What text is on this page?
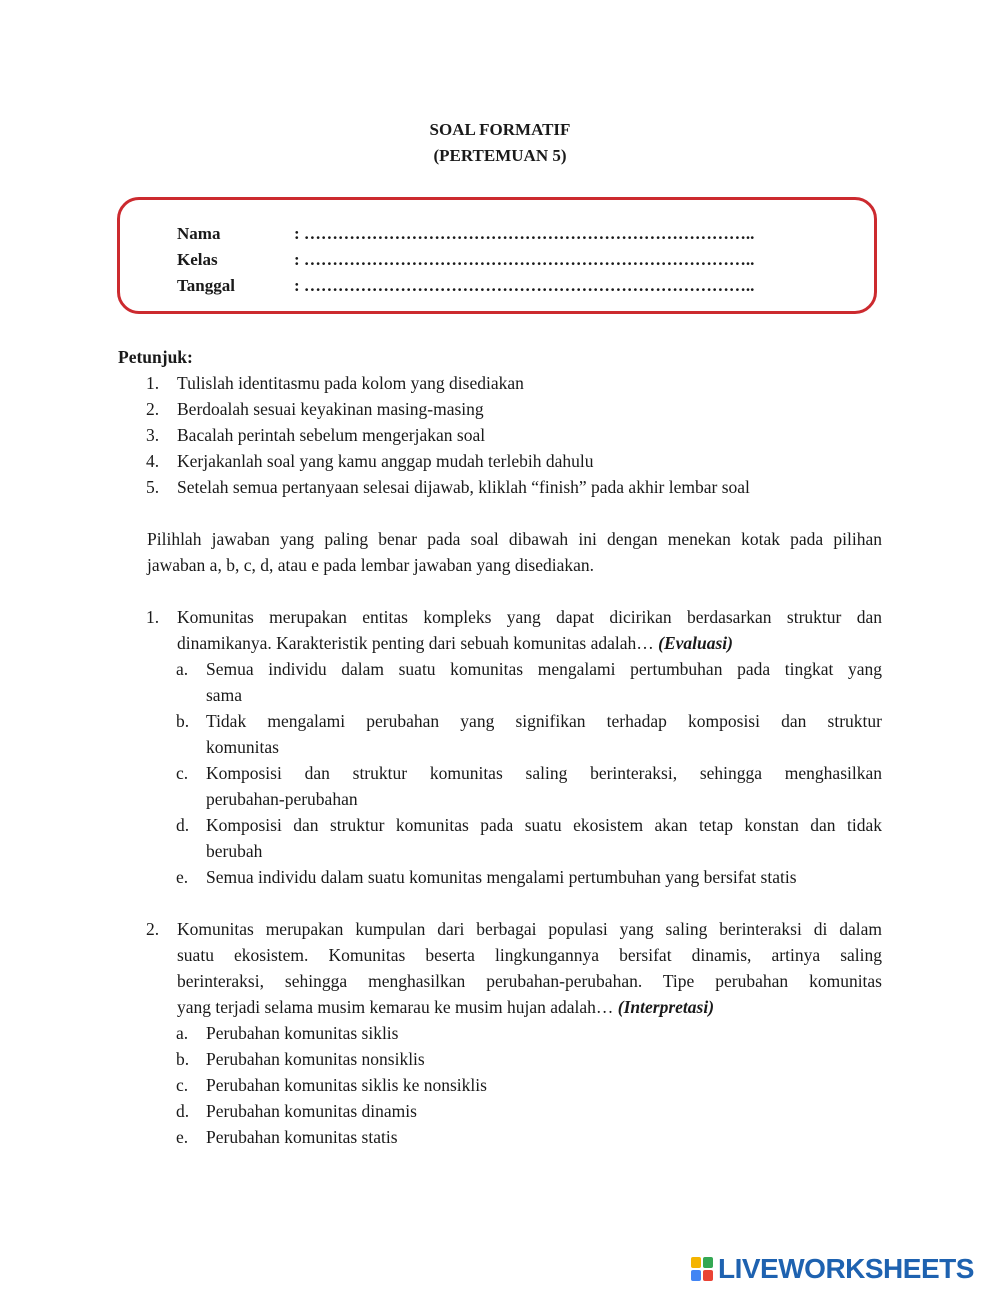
SOAL FORMATIF
(PERTEMUAN 5)
Nama	: ……………………………………………………………………..
Kelas	: ……………………………………………………………………..
Tanggal	: ……………………………………………………………………..
Petunjuk:
1. Tulislah identitasmu pada kolom yang disediakan
2. Berdoalah sesuai keyakinan masing-masing
3. Bacalah perintah sebelum mengerjakan soal
4. Kerjakanlah soal yang kamu anggap mudah terlebih dahulu
5. Setelah semua pertanyaan selesai dijawab, kliklah “finish” pada akhir lembar soal
Pilihlah jawaban yang paling benar pada soal dibawah ini dengan menekan kotak pada pilihan
jawaban a, b, c, d, atau e pada lembar jawaban yang disediakan.
1. Komunitas merupakan entitas kompleks yang dapat dicirikan berdasarkan struktur dan
dinamikanya. Karakteristik penting dari sebuah komunitas adalah… (Evaluasi)
a. Semua individu dalam suatu komunitas mengalami pertumbuhan pada tingkat yang
sama
b. Tidak mengalami perubahan yang signifikan terhadap komposisi dan struktur
komunitas
c. Komposisi dan struktur komunitas saling berinteraksi, sehingga menghasilkan
perubahan-perubahan
d. Komposisi dan struktur komunitas pada suatu ekosistem akan tetap konstan dan tidak
berubah
e. Semua individu dalam suatu komunitas mengalami pertumbuhan yang bersifat statis
2. Komunitas merupakan kumpulan dari berbagai populasi yang saling berinteraksi di dalam
suatu ekosistem. Komunitas beserta lingkungannya bersifat dinamis, artinya saling
berinteraksi, sehingga menghasilkan perubahan-perubahan. Tipe perubahan komunitas
yang terjadi selama musim kemarau ke musim hujan adalah… (Interpretasi)
a. Perubahan komunitas siklis
b. Perubahan komunitas nonsiklis
c. Perubahan komunitas siklis ke nonsiklis
d. Perubahan komunitas dinamis
e. Perubahan komunitas statis
LIVEWORKSHEETS
